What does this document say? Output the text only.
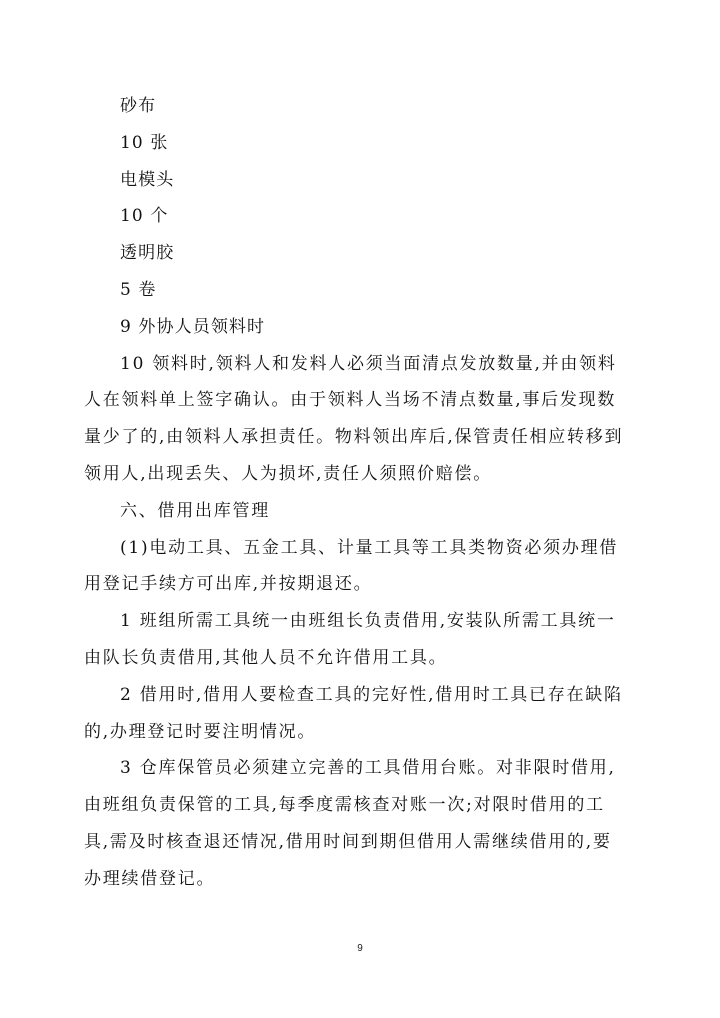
砂布

10 张

电模头

10 个

透明胶

5 卷

9 外协人员领料时

10 领料时,领料人和发料人必须当面清点发放数量,并由领料人在领料单上签字确认。由于领料人当场不清点数量,事后发现数量少了的,由领料人承担责任。物料领出库后,保管责任相应转移到领用人,出现丢失、人为损坏,责任人须照价赔偿。

六、借用出库管理

(1)电动工具、五金工具、计量工具等工具类物资必须办理借用登记手续方可出库,并按期退还。

1 班组所需工具统一由班组长负责借用,安装队所需工具统一由队长负责借用,其他人员不允许借用工具。

2 借用时,借用人要检查工具的完好性,借用时工具已存在缺陷的,办理登记时要注明情况。

3 仓库保管员必须建立完善的工具借用台账。对非限时借用,由班组负责保管的工具,每季度需核查对账一次;对限时借用的工具,需及时核查退还情况,借用时间到期但借用人需继续借用的,要办理续借登记。

9
